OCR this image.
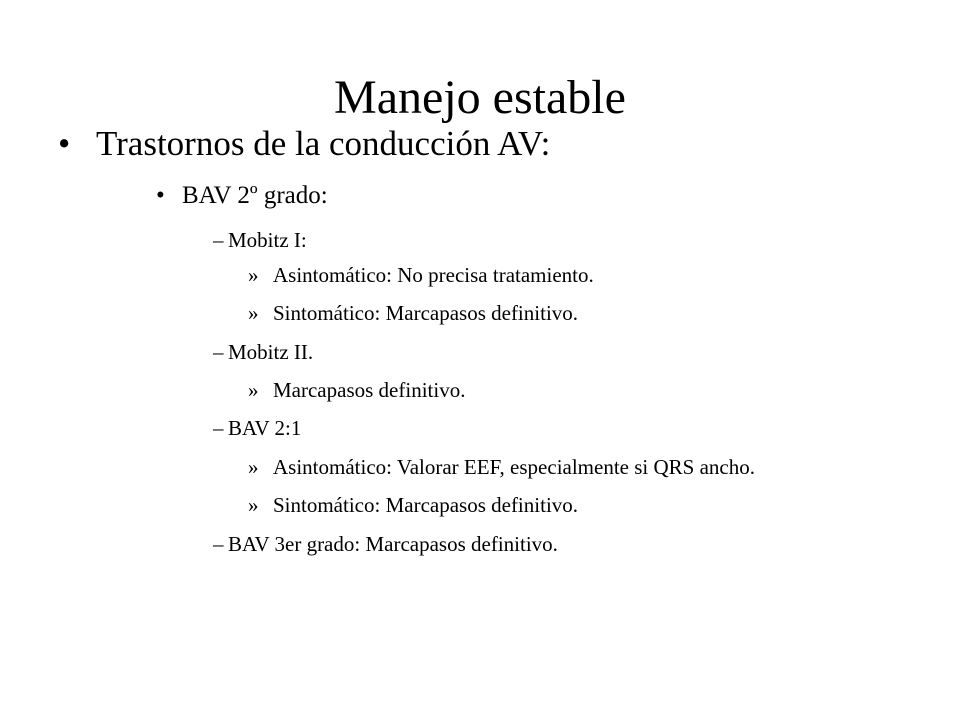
Manejo estable
• Trastornos de la conducción AV:
• BAV 2º grado:
– Mobitz I:
» Asintomático: No precisa tratamiento.
» Sintomático: Marcapasos definitivo.
– Mobitz II.
» Marcapasos definitivo.
– BAV 2:1
» Asintomático: Valorar EEF, especialmente si QRS ancho.
» Sintomático: Marcapasos definitivo.
– BAV 3er grado: Marcapasos definitivo.
